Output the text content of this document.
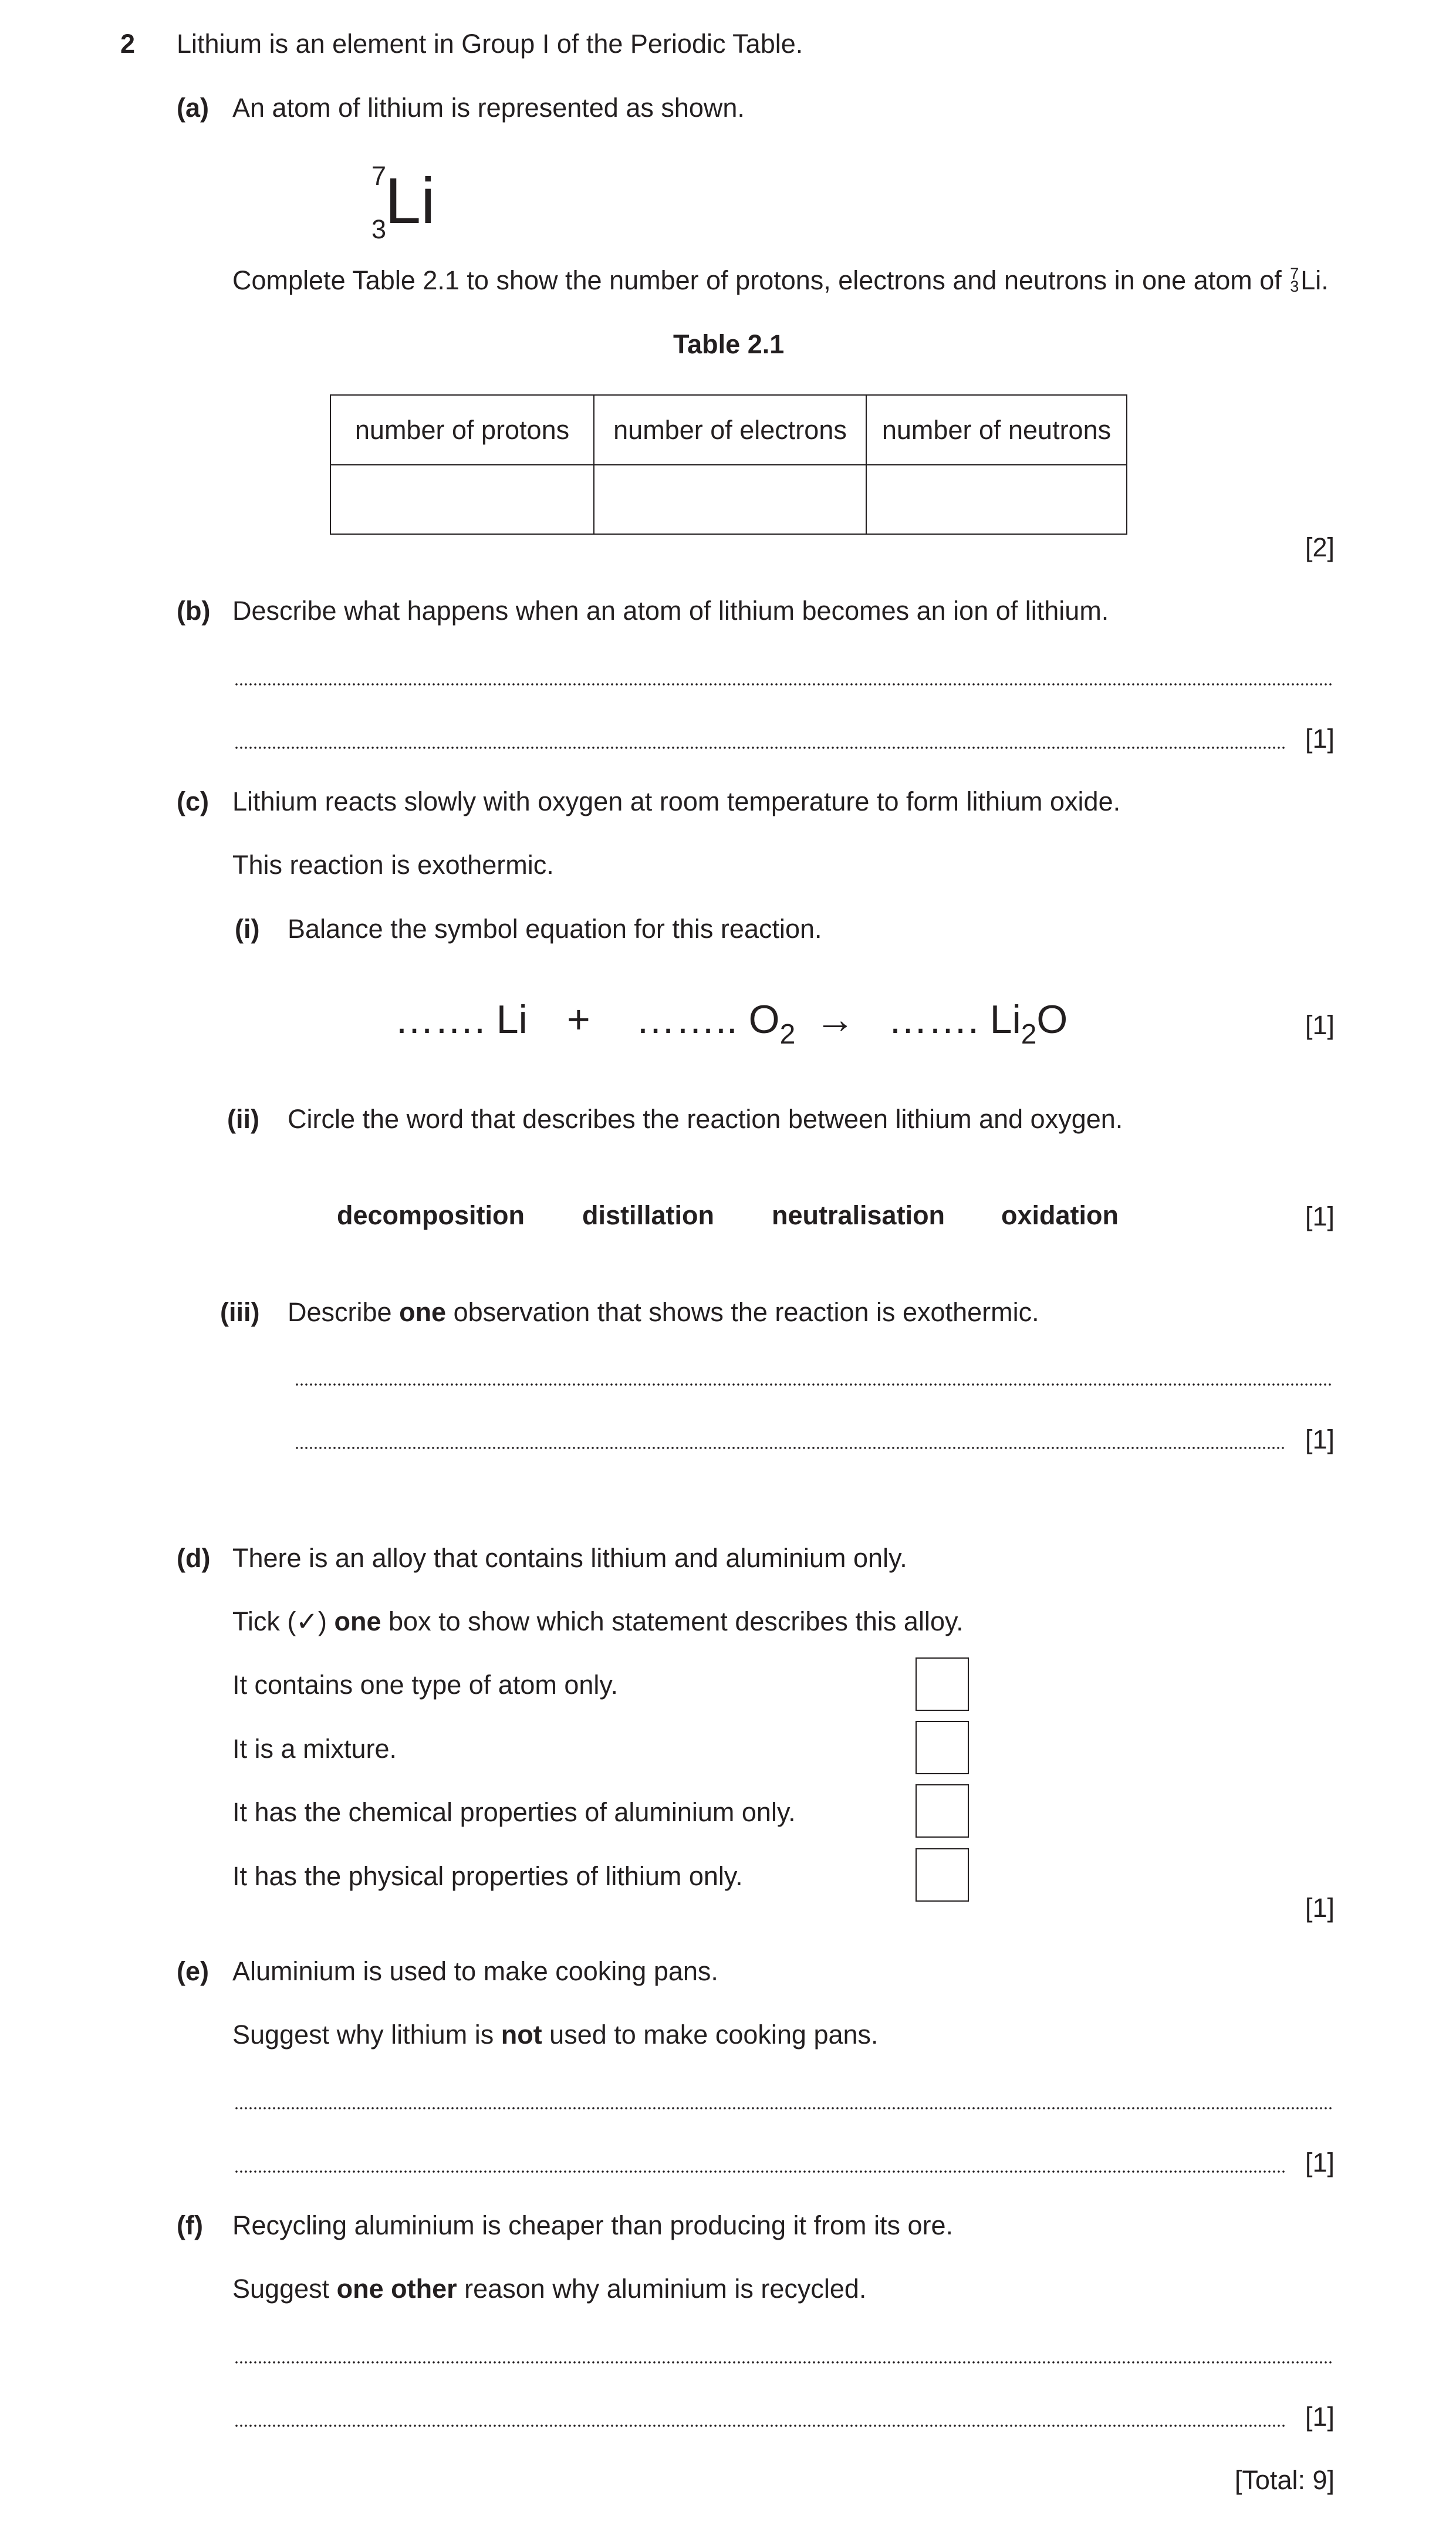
2 Lithium is an element in Group I of the Periodic Table.
(a) An atom of lithium is represented as shown.
7
3
Li
Complete Table 2.1 to show the number of protons, electrons and neutrons in one atom of 7
3 Li.
Table 2.1
number of protons	number of electrons	number of neutrons

[2]
(b) Describe what happens when an atom of lithium becomes an ion of lithium.
[1]
(c) Lithium reacts slowly with oxygen at room temperature to form lithium oxide.
This reaction is exothermic.
(i) Balance the symbol equation for this reaction.
……. Li + …….. $O_2$ → ……. $Li_2O$	[1]
(ii) Circle the word that describes the reaction between lithium and oxygen.
decomposition distillation neutralisation oxidation	[1]
(iii) Describe one observation that shows the reaction is exothermic.
[1]
(d) There is an alloy that contains lithium and aluminium only.
Tick (✓) one box to show which statement describes this alloy.
It contains one type of atom only.
It is a mixture.
It has the chemical properties of aluminium only.
It has the physical properties of lithium only.
[1]
(e) Aluminium is used to make cooking pans.
Suggest why lithium is not used to make cooking pans.
[1]
(f) Recycling aluminium is cheaper than producing it from its ore.
Suggest one other reason why aluminium is recycled.
[1]
[Total: 9]
